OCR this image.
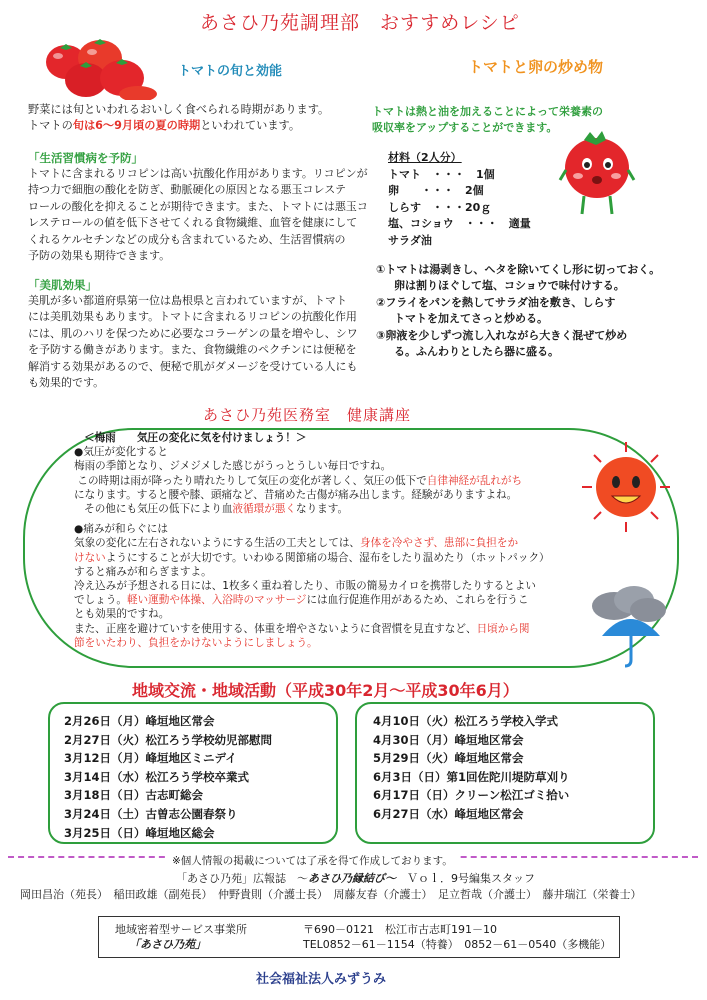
あさひ乃苑調理部　おすすめレシピ
トマトの旬と効能	トマトと卵の炒め物
野菜には旬といわれるおいしく食べられる時期があります。
トマトの旬は6～9月頃の夏の時期といわれています。
「生活習慣病を予防」
トマトに含まれるリコピンは高い抗酸化作用があります。リコピンが
持つ力で細胞の酸化を防ぎ、動脈硬化の原因となる悪玉コレステ
ロールの酸化を抑えることが期待できます。また、トマトには悪玉コ
レステロールの値を低下させてくれる食物繊維、血管を健康にして
くれるケルセチンなどの成分も含まれているため、生活習慣病の
予防の効果も期待できます。
「美肌効果」
美肌が多い都道府県第一位は島根県と言われていますが、トマト
には美肌効果もあります。トマトに含まれるリコピンの抗酸化作用
には、肌のハリを保つために必要なコラーゲンの量を増やし、シワ
を予防する働きがあります。また、食物繊維のペクチンには便秘を
解消する効果があるので、便秘で肌がダメージを受けている人にも
も効果的です。
トマトは熱と油を加えることによって栄養素の
吸収率をアップすることができます。
材料（2人分）
トマト　・・・　1個
卵　　・・・　2個
しらす　・・・20ｇ
塩、コショウ　・・・　適量
サラダ油
①トマトは湯剥きし、ヘタを除いてくし形に切っておく。
卵は割りほぐして塩、コショウで味付けする。
②フライをパンを熱してサラダ油を敷き、しらす
トマトを加えてさっと炒める。
③卵液を少しずつ流し入れながら大きく混ぜて炒め
る。ふんわりとしたら器に盛る。
あさひ乃苑医務室　健康講座
＜梅雨　　気圧の変化に気を付けましょう！＞
●気圧が変化すると
梅雨の季節となり、ジメジメした感じがうっとうしい毎日ですね。
この時期は雨が降ったり晴れたりして気圧の変化が著しく、気圧の低下で自律神経が乱れがち
になります。すると腰や膝、頭痛など、昔痛めた古傷が痛み出します。経験がありますよね。
その他にも気圧の低下により血液循環が悪くなります。
●痛みが和らぐには
気象の変化に左右されないようにする生活の工夫としては、身体を冷やさず、患部に負担をか
けないようにすることが大切です。いわゆる関節痛の場合、湿布をしたり温めたり（ホットパック）
すると痛みが和らぎますよ。
冷え込みが予想される日には、1枚多く重ね着したり、市販の簡易カイロを携帯したりするとよい
でしょう。軽い運動や体操、入浴時のマッサージには血行促進作用があるため、これらを行うこ
とも効果的ですね。
また、正座を避けていすを使用する、体重を増やさないように食習慣を見直すなど、日頃から関
節をいたわり、負担をかけないようにしましょう。
地域交流・地域活動（平成30年2月～平成30年6月）
2月26日（月）峰垣地区常会
2月27日（火）松江ろう学校幼児部慰問
3月12日（月）峰垣地区ミニデイ
3月14日（水）松江ろう学校卒業式
3月18日（日）古志町総会
3月24日（土）古曽志公園春祭り
3月25日（日）峰垣地区総会
4月10日（火）松江ろう学校入学式
4月30日（月）峰垣地区常会
5月29日（火）峰垣地区常会
6月3日（日）第1回佐陀川堤防草刈り
6月17日（日）クリーン松江ゴミ拾い
6月27日（水）峰垣地区常会
※個人情報の掲載については了承を得て作成しております。
「あさひ乃苑」広報誌　～あさひ乃縁結び～　Ｖｏｌ．9号編集スタッフ
岡田昌治（苑長）　稲田政雄（副苑長）　仲野貴則（介護士長）　周藤友春（介護士）　足立哲哉（介護士）　藤井瑞江（栄養士）
地域密着型サービス事業所
「あさひ乃苑」
〒690－0121　松江市古志町191－10
TEL0852－61－1154（特養）　0852－61－0540（多機能）
社会福祉法人みずうみ
